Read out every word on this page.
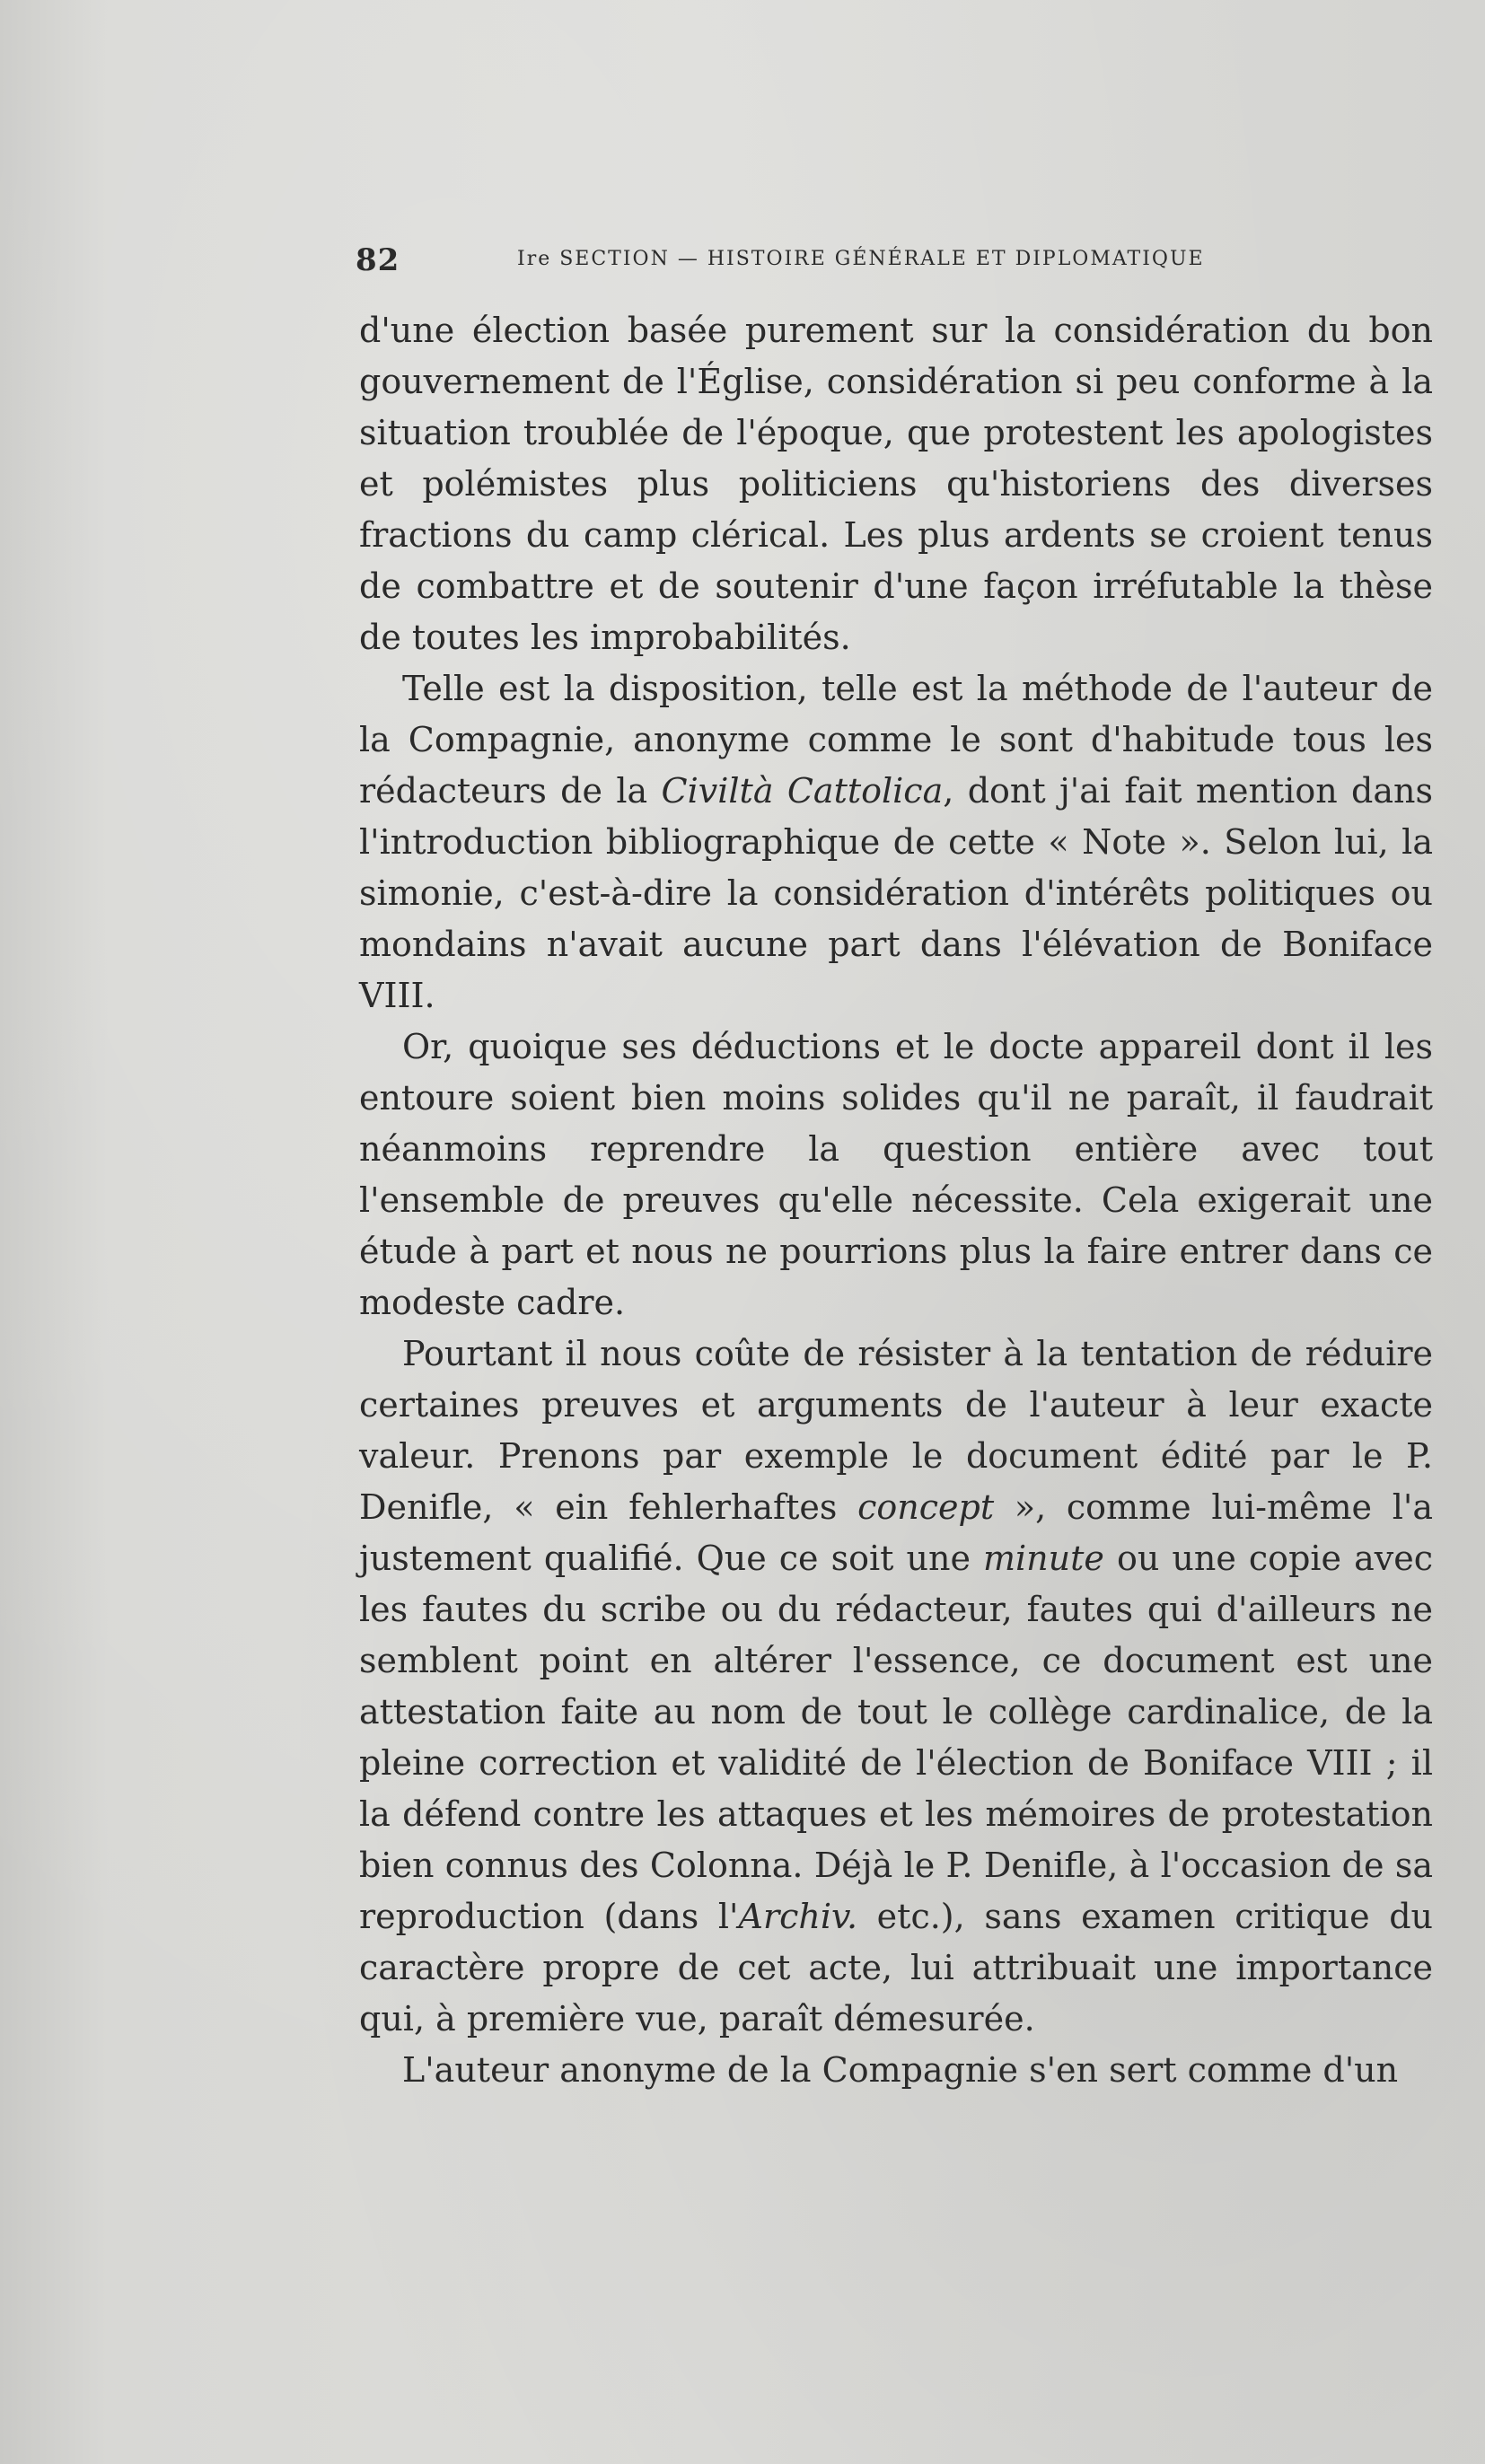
82	Ire SECTION — HISTOIRE GÉNÉRALE ET DIPLOMATIQUE

d'une élection basée purement sur la considération du bon gouvernement de l'Église, considération si peu conforme à la situation troublée de l'époque, que protestent les apologistes et polémistes plus politiciens qu'historiens des diverses fractions du camp clérical. Les plus ardents se croient tenus de combattre et de soutenir d'une façon irréfutable la thèse de toutes les improbabilités.

Telle est la disposition, telle est la méthode de l'auteur de la Compagnie, anonyme comme le sont d'habitude tous les rédacteurs de la Civiltà Cattolica, dont j'ai fait mention dans l'introduction bibliographique de cette « Note ». Selon lui, la simonie, c'est-à-dire la considération d'intérêts politiques ou mondains n'avait aucune part dans l'élévation de Boniface VIII.

Or, quoique ses déductions et le docte appareil dont il les entoure soient bien moins solides qu'il ne paraît, il faudrait néanmoins reprendre la question entière avec tout l'ensemble de preuves qu'elle nécessite. Cela exigerait une étude à part et nous ne pourrions plus la faire entrer dans ce modeste cadre.

Pourtant il nous coûte de résister à la tentation de réduire certaines preuves et arguments de l'auteur à leur exacte valeur. Prenons par exemple le document édité par le P. Denifle, « ein fehlerhaftes concept », comme lui-même l'a justement qualifié. Que ce soit une minute ou une copie avec les fautes du scribe ou du rédacteur, fautes qui d'ailleurs ne semblent point en altérer l'essence, ce document est une attestation faite au nom de tout le collège cardinalice, de la pleine correction et validité de l'élection de Boniface VIII ; il la défend contre les attaques et les mémoires de protestation bien connus des Colonna. Déjà le P. Denifle, à l'occasion de sa reproduction (dans l'Archiv. etc.), sans examen critique du caractère propre de cet acte, lui attribuait une importance qui, à première vue, paraît démesurée.

L'auteur anonyme de la Compagnie s'en sert comme d'un
